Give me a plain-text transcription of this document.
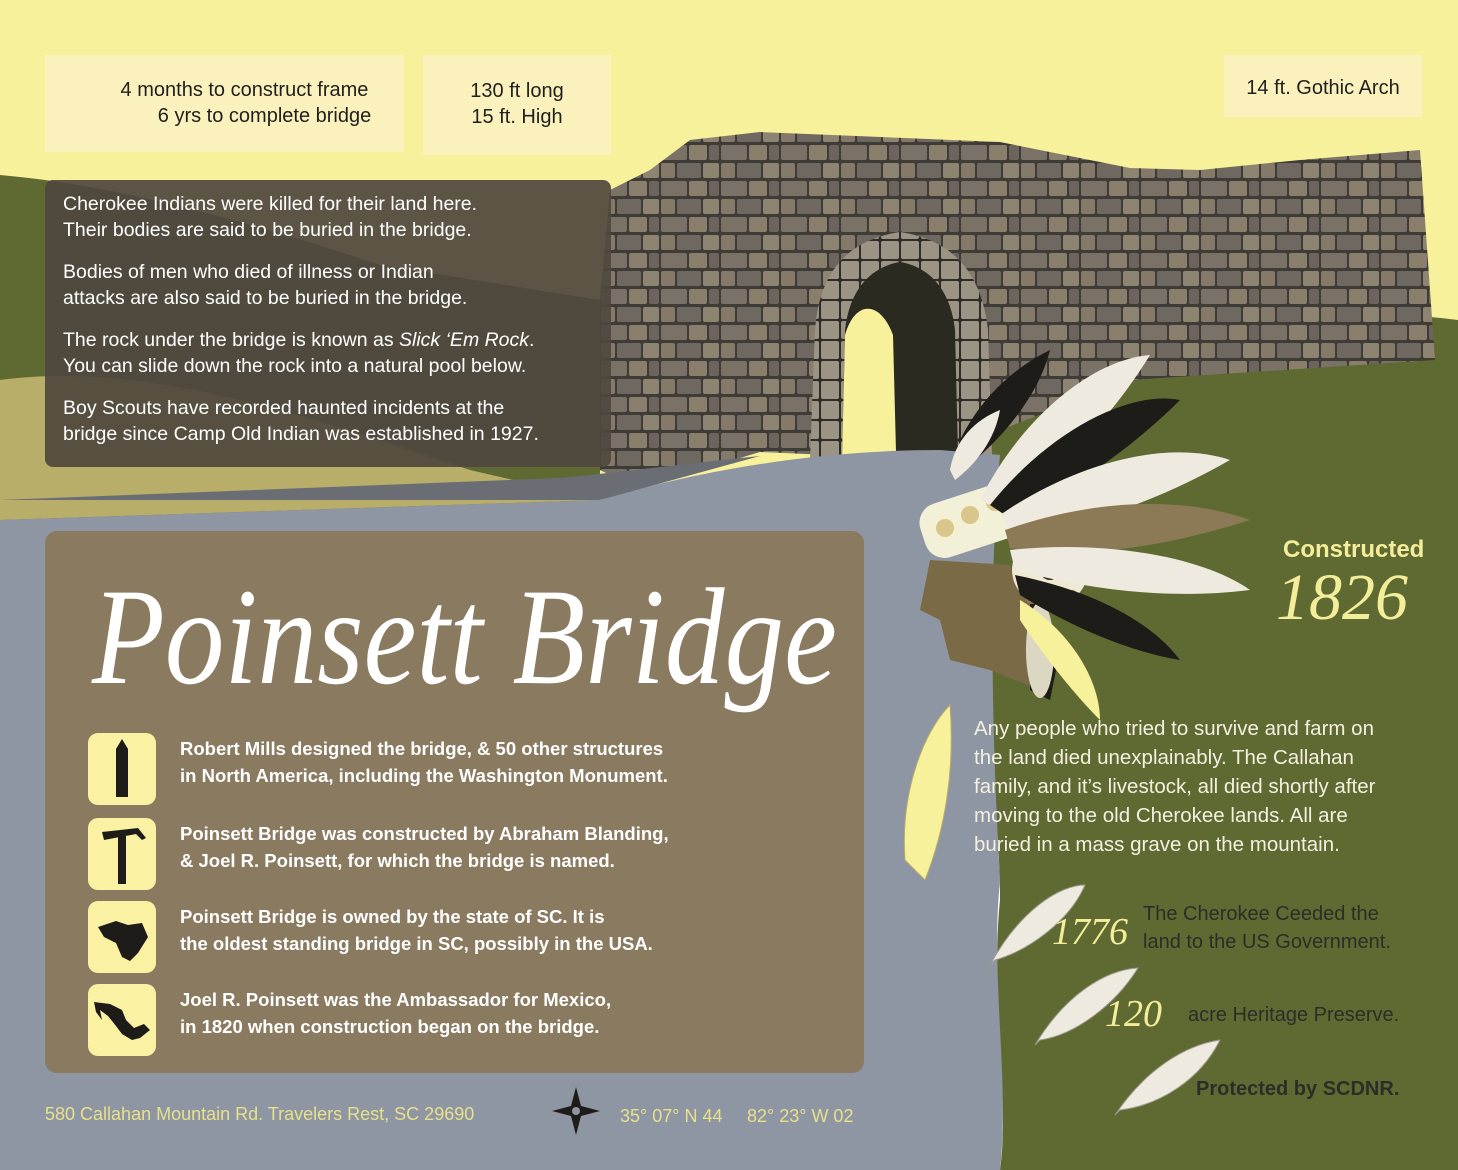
4 months to construct frame
6 yrs to complete bridge
130 ft long
15 ft. High
14 ft. Gothic Arch

Cherokee Indians were killed for their land here.
Their bodies are said to be buried in the bridge.

Bodies of men who died of illness or Indian
attacks are also said to be buried in the bridge.

The rock under the bridge is known as Slick ‘Em Rock.
You can slide down the rock into a natural pool below.

Boy Scouts have recorded haunted incidents at the
bridge since Camp Old Indian was established in 1927.

Poinsett Bridge
Robert Mills designed the bridge, & 50 other structures
in North America, including the Washington Monument.
Poinsett Bridge was constructed by Abraham Blanding,
& Joel R. Poinsett, for which the bridge is named.
Poinsett Bridge is owned by the state of SC. It is
the oldest standing bridge in SC, possibly in the USA.
Joel R. Poinsett was the Ambassador for Mexico,
in 1820 when construction began on the bridge.
Constructed
1826
Any people who tried to survive and farm on
the land died unexplainably. The Callahan
family, and it’s livestock, all died shortly after
moving to the old Cherokee lands. All are
buried in a mass grave on the mountain.
1776 The Cherokee Ceeded the
land to the US Government.
120 acre Heritage Preserve.
Protected by SCDNR.
580 Callahan Mountain Rd. Travelers Rest, SC 29690	35° 07° N 44 82° 23° W 02
